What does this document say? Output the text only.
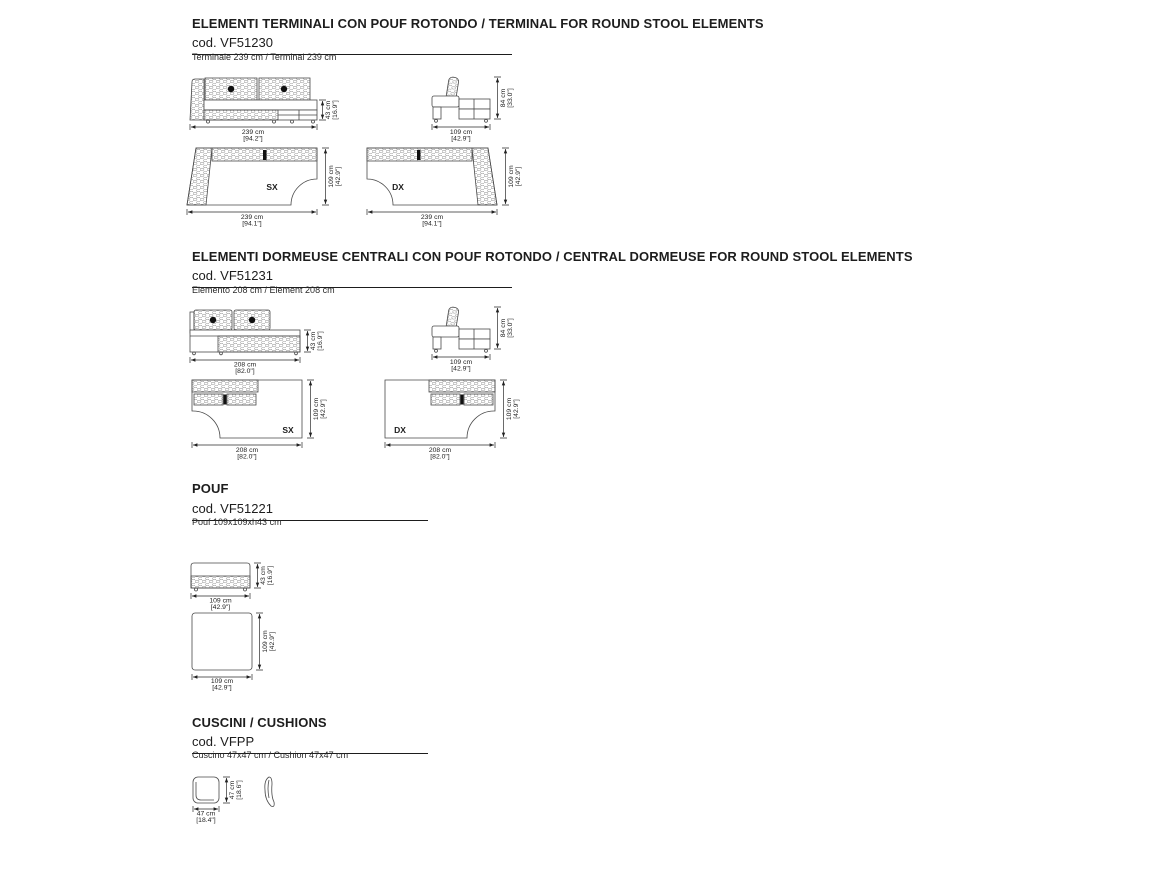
ELEMENTI TERMINALI CON POUF ROTONDO / TERMINAL FOR ROUND STOOL ELEMENTS
cod. VF51230
Terminale 239 cm / Terminal 239 cm
239 cm
[94.2"]
43 cm [16.9"]
109 cm
[42.9"]
84 cm [33.0"]
SX
239 cm
[94.1"]
109 cm [42.9"]
DX
239 cm
[94.1"]
109 cm [42.9"]
ELEMENTI DORMEUSE CENTRALI CON POUF ROTONDO / CENTRAL DORMEUSE FOR ROUND STOOL ELEMENTS
cod. VF51231
Elemento 208 cm / Element 208 cm
208 cm
[82.0"]
43 cm [16.9"]
109 cm
[42.9"]
84 cm [33.0"]
SX
208 cm
[82.0"]
109 cm [42.9"]
DX
208 cm
[82.0"]
109 cm [42.9"]
POUF
cod. VF51221
Pouf 109x109xh43 cm
109 cm
[42.9"]
43 cm [16.9"]
109 cm
[42.9"]
109 cm [42.9"]
CUSCINI / CUSHIONS
cod. VFPP
Cuscino 47x47 cm / Cushion 47x47 cm
47 cm
[18.4"]
47 cm [18.6"]
